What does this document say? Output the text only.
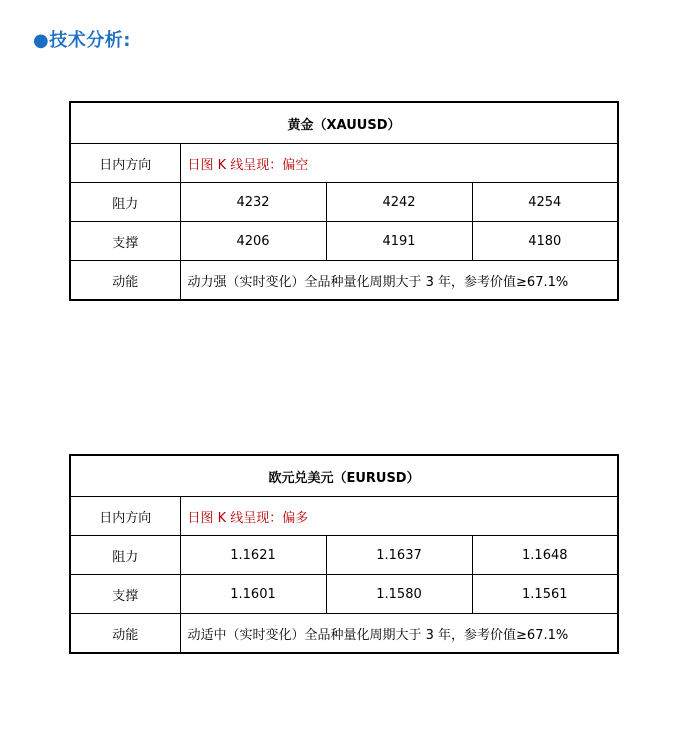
●技术分析:
黄金（XAUUSD）			
日内方向	日图 K 线呈现：偏空		
阻力	4232	4242	4254
支撑	4206	4191	4180
动能	动力强（实时变化）全品种量化周期大于 3 年，参考价值≥67.1%		
欧元兑美元（EURUSD）			
日内方向	日图 K 线呈现：偏多		
阻力	1.1621	1.1637	1.1648
支撑	1.1601	1.1580	1.1561
动能	动适中（实时变化）全品种量化周期大于 3 年，参考价值≥67.1%		
